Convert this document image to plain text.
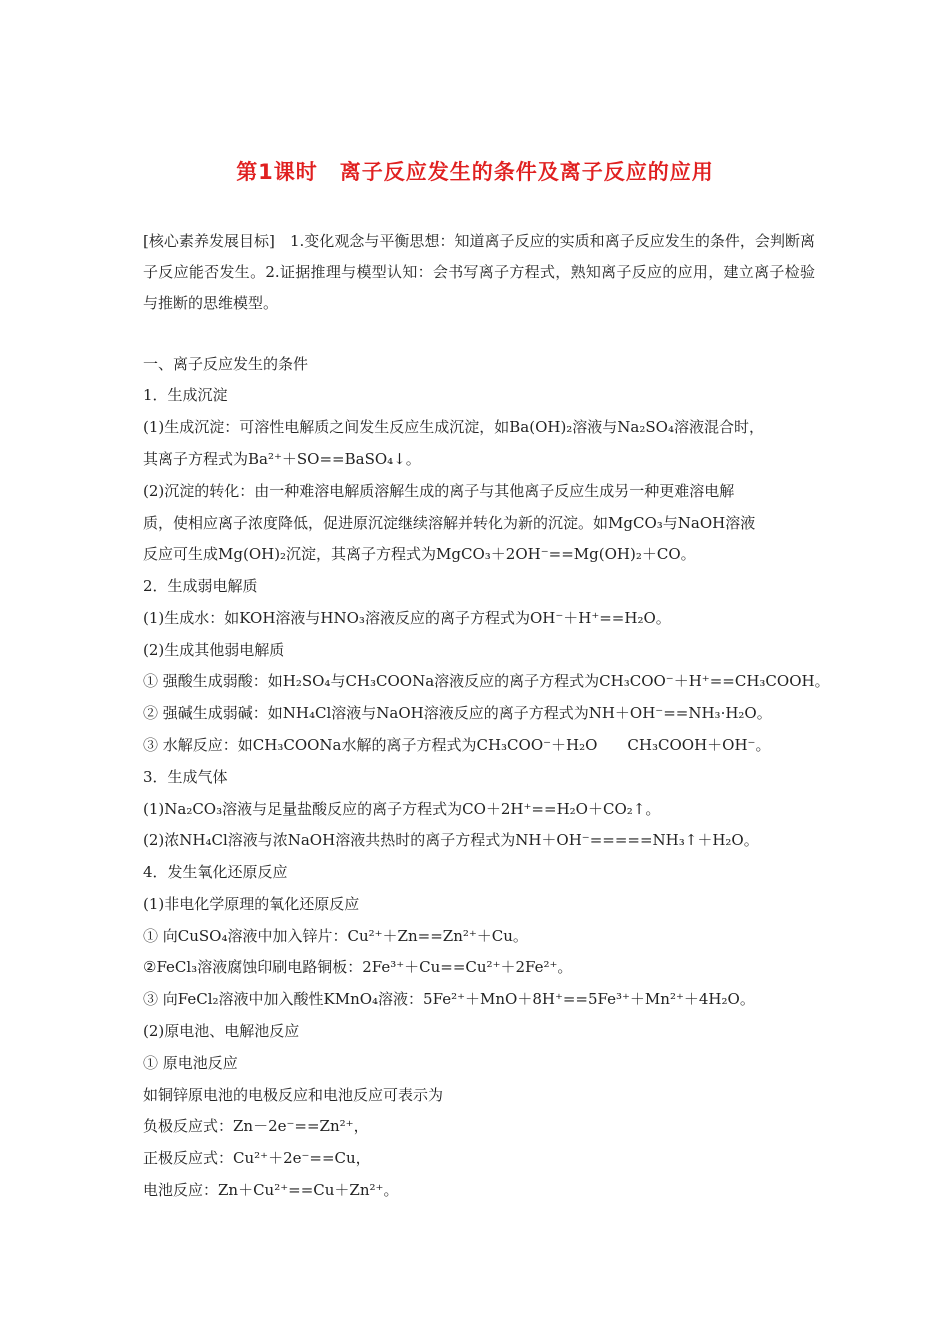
第1课时　离子反应发生的条件及离子反应的应用
[核心素养发展目标]　1.变化观念与平衡思想：知道离子反应的实质和离子反应发生的条件，会判断离子反应能否发生。2.证据推理与模型认知：会书写离子方程式，熟知离子反应的应用，建立离子检验与推断的思维模型。
一、离子反应发生的条件
1．生成沉淀
(1)生成沉淀：可溶性电解质之间发生反应生成沉淀，如Ba(OH)₂溶液与Na₂SO₄溶液混合时，
其离子方程式为Ba²⁺＋SO==BaSO₄↓。
(2)沉淀的转化：由一种难溶电解质溶解生成的离子与其他离子反应生成另一种更难溶电解
质，使相应离子浓度降低，促进原沉淀继续溶解并转化为新的沉淀。如MgCO₃与NaOH溶液
反应可生成Mg(OH)₂沉淀，其离子方程式为MgCO₃＋2OH⁻==Mg(OH)₂＋CO。
2．生成弱电解质
(1)生成水：如KOH溶液与HNO₃溶液反应的离子方程式为OH⁻＋H⁺==H₂O。
(2)生成其他弱电解质
① 强酸生成弱酸：如H₂SO₄与CH₃COONa溶液反应的离子方程式为CH₃COO⁻＋H⁺==CH₃COOH。
② 强碱生成弱碱：如NH₄Cl溶液与NaOH溶液反应的离子方程式为NH＋OH⁻==NH₃·H₂O。
③ 水解反应：如CH₃COONa水解的离子方程式为CH₃COO⁻＋H₂O　　CH₃COOH＋OH⁻。
3．生成气体
(1)Na₂CO₃溶液与足量盐酸反应的离子方程式为CO＋2H⁺==H₂O＋CO₂↑。
(2)浓NH₄Cl溶液与浓NaOH溶液共热时的离子方程式为NH＋OH⁻=====NH₃↑＋H₂O。
4．发生氧化还原反应
(1)非电化学原理的氧化还原反应
① 向CuSO₄溶液中加入锌片：Cu²⁺＋Zn==Zn²⁺＋Cu。
②FeCl₃溶液腐蚀印刷电路铜板：2Fe³⁺＋Cu==Cu²⁺＋2Fe²⁺。
③ 向FeCl₂溶液中加入酸性KMnO₄溶液：5Fe²⁺＋MnO＋8H⁺==5Fe³⁺＋Mn²⁺＋4H₂O。
(2)原电池、电解池反应
① 原电池反应
如铜锌原电池的电极反应和电池反应可表示为
负极反应式：Zn－2e⁻==Zn²⁺，
正极反应式：Cu²⁺＋2e⁻==Cu，
电池反应：Zn＋Cu²⁺==Cu＋Zn²⁺。
